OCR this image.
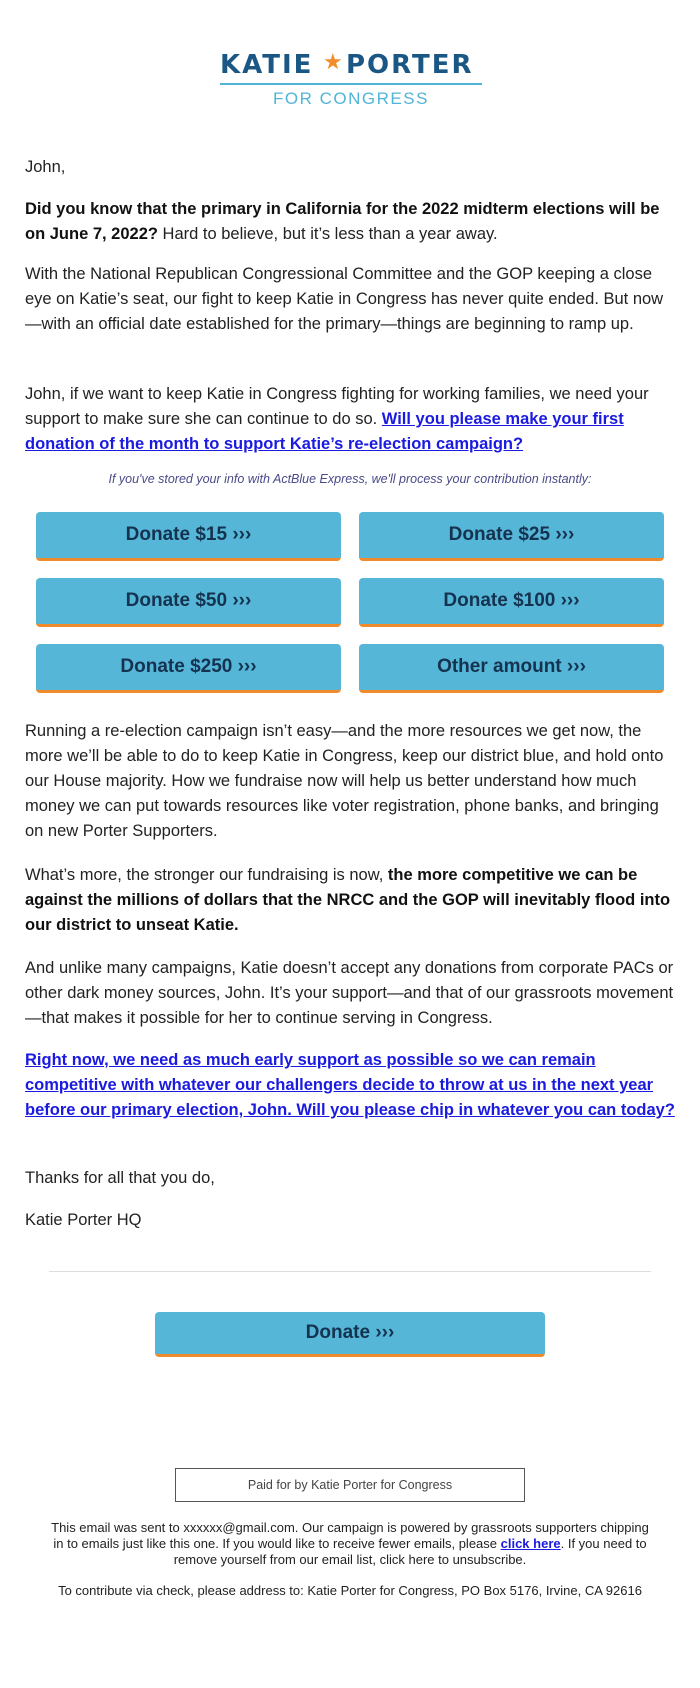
KATIE ★ PORTER
FOR CONGRESS

John,

Did you know that the primary in California for the 2022 midterm elections will be on June 7, 2022? Hard to believe, but it’s less than a year away.

With the National Republican Congressional Committee and the GOP keeping a close eye on Katie’s seat, our fight to keep Katie in Congress has never quite ended. But now—with an official date established for the primary—things are beginning to ramp up.

John, if we want to keep Katie in Congress fighting for working families, we need your support to make sure she can continue to do so. Will you please make your first donation of the month to support Katie’s re-election campaign?

If you've stored your info with ActBlue Express, we'll process your contribution instantly:
Donate $15 ›››	Donate $25 ›››
Donate $50 ›››	Donate $100 ›››
Donate $250 ›››	Other amount ›››

Running a re-election campaign isn’t easy—and the more resources we get now, the more we’ll be able to do to keep Katie in Congress, keep our district blue, and hold onto our House majority. How we fundraise now will help us better understand how much money we can put towards resources like voter registration, phone banks, and bringing on new Porter Supporters.

What’s more, the stronger our fundraising is now, the more competitive we can be against the millions of dollars that the NRCC and the GOP will inevitably flood into our district to unseat Katie.

And unlike many campaigns, Katie doesn’t accept any donations from corporate PACs or other dark money sources, John. It’s your support—and that of our grassroots movement—that makes it possible for her to continue serving in Congress.

Right now, we need as much early support as possible so we can remain competitive with whatever our challengers decide to throw at us in the next year before our primary election, John. Will you please chip in whatever you can today?

Thanks for all that you do,

Katie Porter HQ

Donate ›››
Paid for by Katie Porter for Congress

This email was sent to xxxxxx@gmail.com. Our campaign is powered by grassroots supporters chipping in to emails just like this one. If you would like to receive fewer emails, please click here. If you need to remove yourself from our email list, click here to unsubscribe.

To contribute via check, please address to: Katie Porter for Congress, PO Box 5176, Irvine, CA 92616
